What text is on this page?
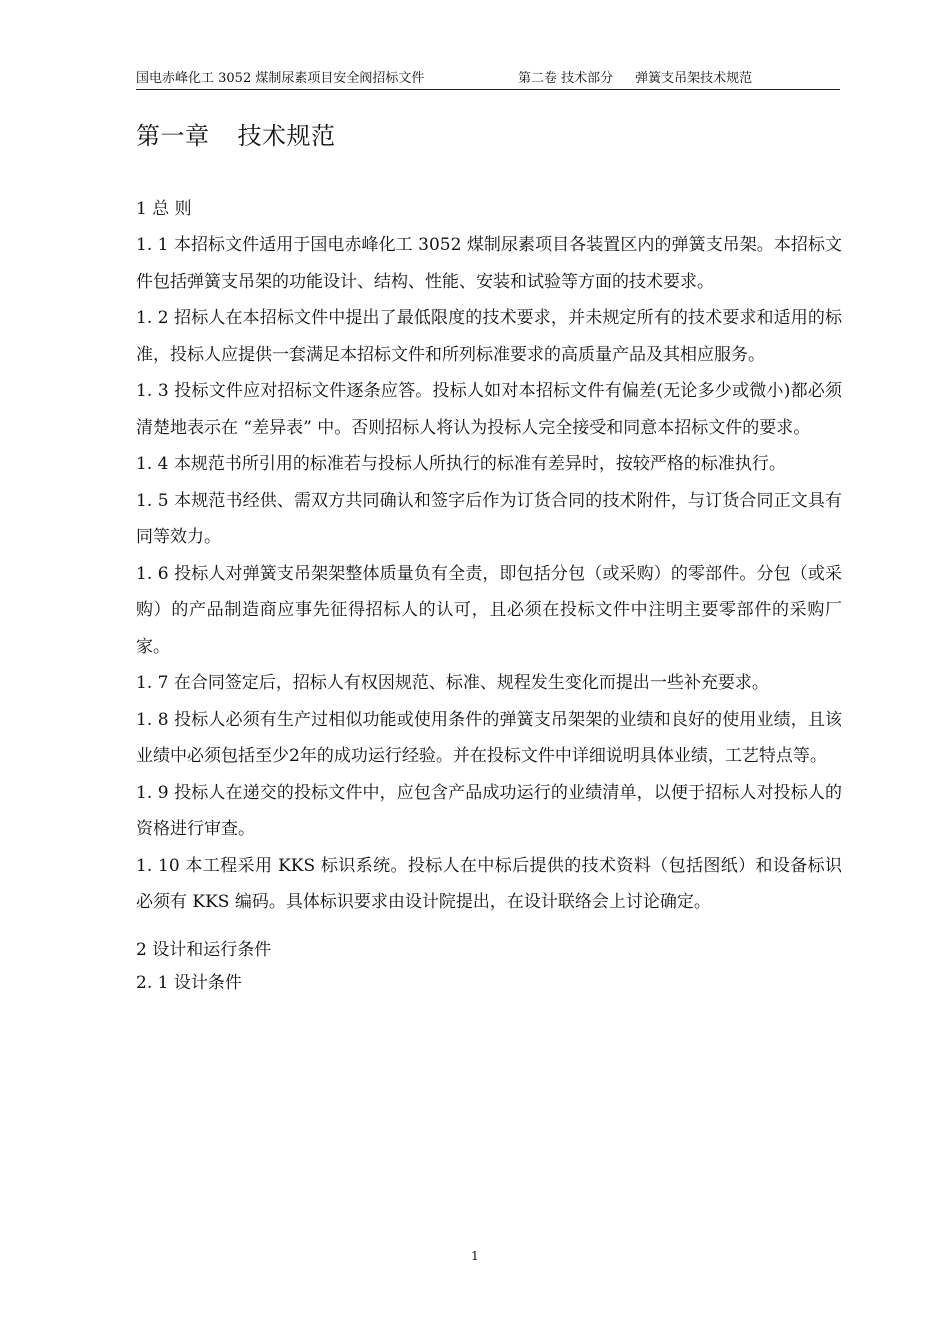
国电赤峰化工 3052 煤制尿素项目安全阀招标文件	第二卷 技术部分 弹簧支吊架技术规范
第一章 技术规范

1 总 则

1. 1 本招标文件适用于国电赤峰化工 3052 煤制尿素项目各装置区内的弹簧支吊架。本招标文件包括弹簧支吊架的功能设计、结构、性能、安装和试验等方面的技术要求。

1. 2 招标人在本招标文件中提出了最低限度的技术要求，并未规定所有的技术要求和适用的标准，投标人应提供一套满足本招标文件和所列标准要求的高质量产品及其相应服务。

1. 3 投标文件应对招标文件逐条应答。投标人如对本招标文件有偏差(无论多少或微小)都必须清楚地表示在 “差异表” 中。否则招标人将认为投标人完全接受和同意本招标文件的要求。

1. 4 本规范书所引用的标准若与投标人所执行的标准有差异时，按较严格的标准执行。

1. 5 本规范书经供、需双方共同确认和签字后作为订货合同的技术附件，与订货合同正文具有同等效力。

1. 6 投标人对弹簧支吊架架整体质量负有全责，即包括分包（或采购）的零部件。分包（或采购）的产品制造商应事先征得招标人的认可，且必须在投标文件中注明主要零部件的采购厂家。

1. 7 在合同签定后，招标人有权因规范、标准、规程发生变化而提出一些补充要求。

1. 8 投标人必须有生产过相似功能或使用条件的弹簧支吊架架的业绩和良好的使用业绩，且该业绩中必须包括至少2年的成功运行经验。并在投标文件中详细说明具体业绩，工艺特点等。

1. 9 投标人在递交的投标文件中，应包含产品成功运行的业绩清单，以便于招标人对投标人的资格进行审查。

1. 10 本工程采用 KKS 标识系统。投标人在中标后提供的技术资料（包括图纸）和设备标识必须有 KKS 编码。具体标识要求由设计院提出，在设计联络会上讨论确定。

2 设计和运行条件

2. 1 设计条件

1
